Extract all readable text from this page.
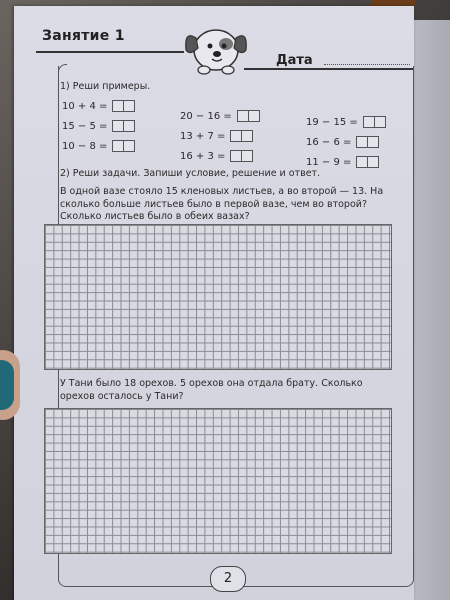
Занятие 1
Дата
1) Реши примеры.
10 + 4 =
15 − 5 =
10 − 8 =
20 − 16 =
13 + 7 =
16 + 3 =
19 − 15 =
16 − 6 =
11 − 9 =
2) Реши задачи. Запиши условие, решение и ответ.
В одной вазе стояло 15 кленовых листьев, а во второй — 13. На сколько больше листьев было в первой вазе, чем во второй? Сколько листьев было в обеих вазах?
У Тани было 18 орехов. 5 орехов она отдала брату. Сколько орехов осталось у Тани?
2
